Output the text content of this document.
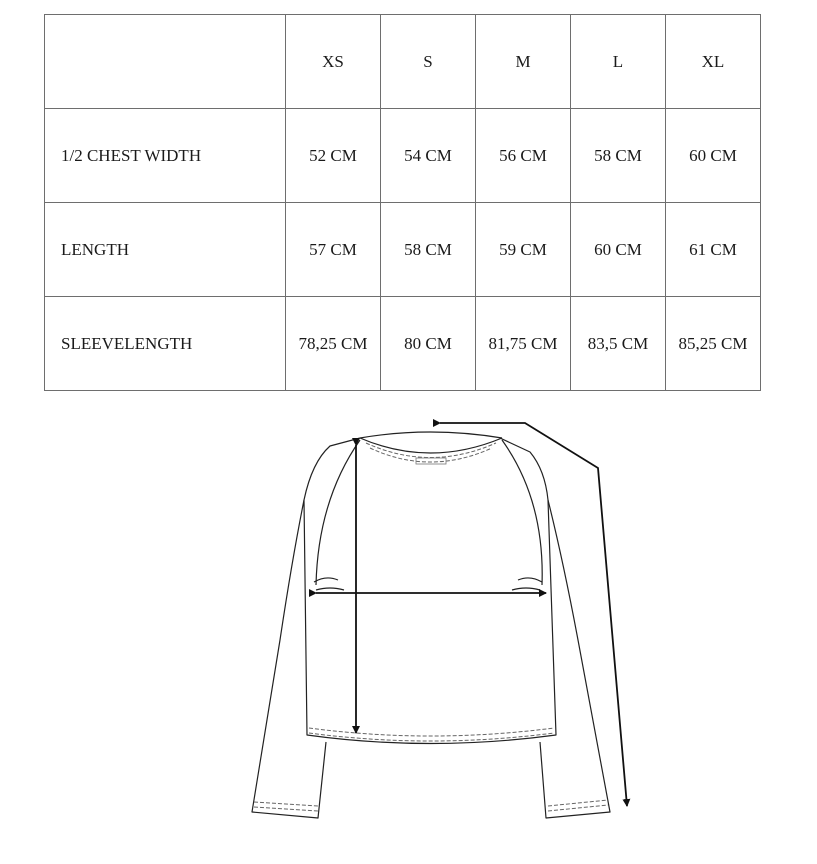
	XS	S	M	L	XL
1/2 CHEST WIDTH	52 CM	54 CM	56 CM	58 CM	60 CM
LENGTH	57 CM	58 CM	59 CM	60 CM	61 CM
SLEEVELENGTH	78,25 CM	80 CM	81,75 CM	83,5 CM	85,25 CM
